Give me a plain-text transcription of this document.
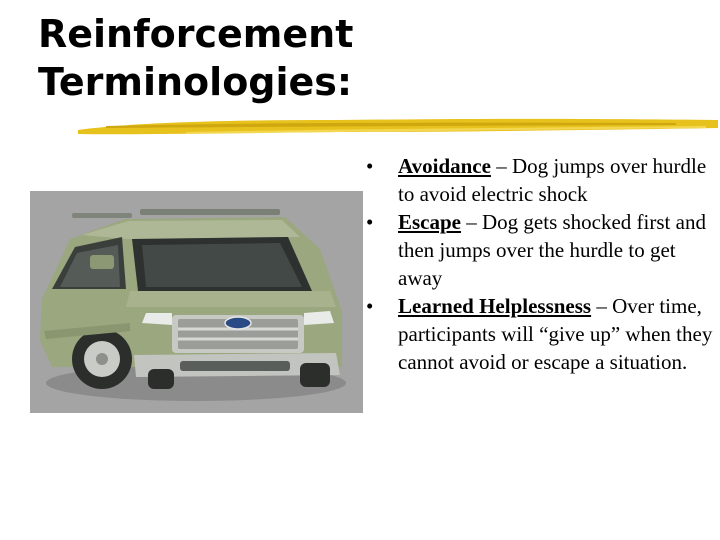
Reinforcement
Terminologies:
• Avoidance – Dog jumps over hurdle to avoid electric shock
• Escape – Dog gets shocked first and then jumps over the hurdle to get away
• Learned Helplessness – Over time, participants will “give up” when they cannot avoid or escape a situation.
